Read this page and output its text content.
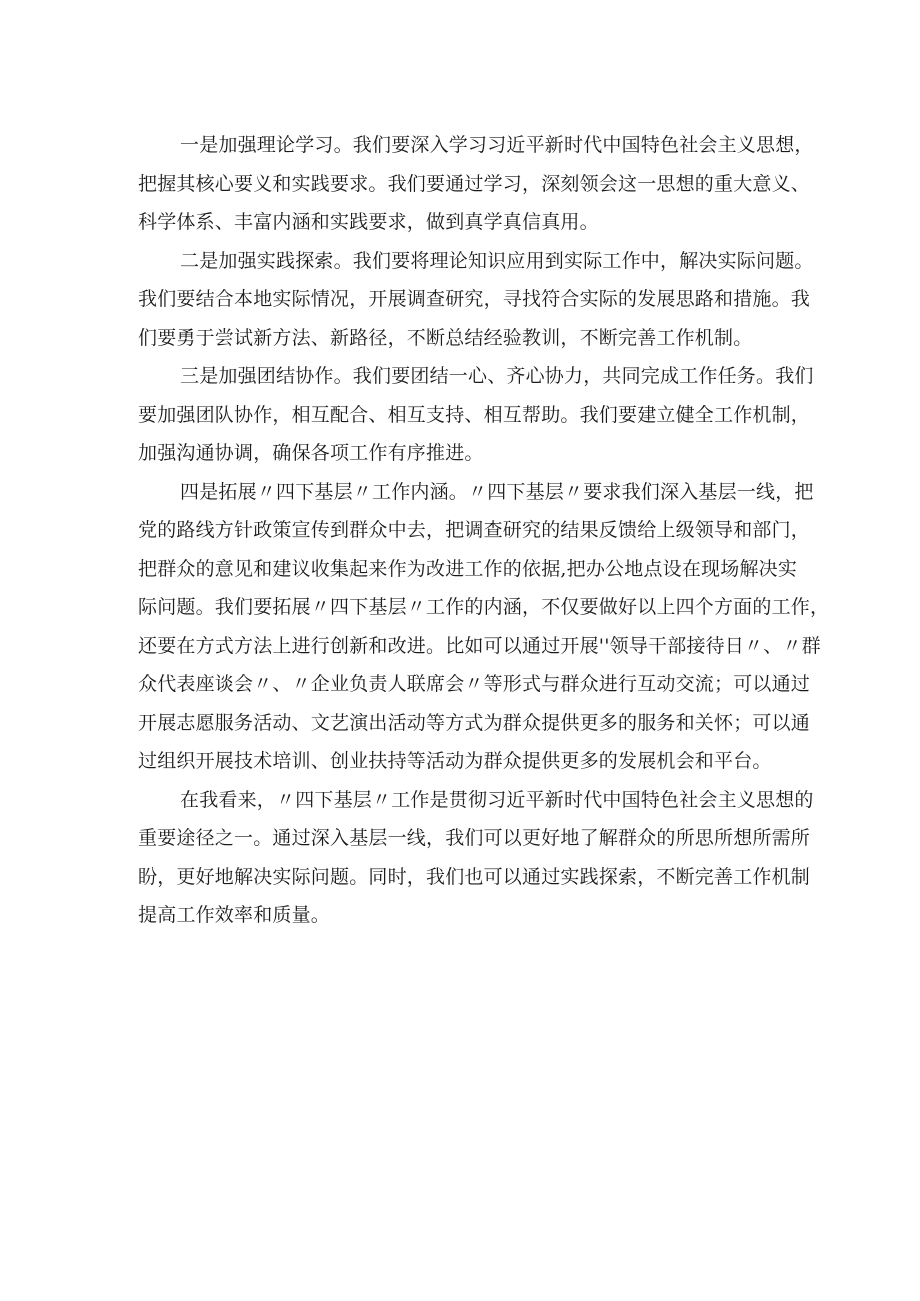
一是加强理论学习。我们要深入学习习近平新时代中国特色社会主义思想，
把握其核心要义和实践要求。我们要通过学习，深刻领会这一思想的重大意义、
科学体系、丰富内涵和实践要求，做到真学真信真用。
二是加强实践探索。我们要将理论知识应用到实际工作中，解决实际问题。
我们要结合本地实际情况，开展调查研究，寻找符合实际的发展思路和措施。我
们要勇于尝试新方法、新路径，不断总结经验教训，不断完善工作机制。
三是加强团结协作。我们要团结一心、齐心协力，共同完成工作任务。我们
要加强团队协作，相互配合、相互支持、相互帮助。我们要建立健全工作机制，
加强沟通协调，确保各项工作有序推进。
四是拓展〃四下基层〃工作内涵。〃四下基层〃要求我们深入基层一线，把
党的路线方针政策宣传到群众中去，把调查研究的结果反馈给上级领导和部门，
把群众的意见和建议收集起来作为改进工作的依据,把办公地点设在现场解决实
际问题。我们要拓展〃四下基层〃工作的内涵，不仅要做好以上四个方面的工作，
还要在方式方法上进行创新和改进。比如可以通过开展''领导干部接待日〃、〃群
众代表座谈会〃、〃企业负责人联席会〃等形式与群众进行互动交流；可以通过
开展志愿服务活动、文艺演出活动等方式为群众提供更多的服务和关怀；可以通
过组织开展技术培训、创业扶持等活动为群众提供更多的发展机会和平台。
在我看来，〃四下基层〃工作是贯彻习近平新时代中国特色社会主义思想的
重要途径之一。通过深入基层一线，我们可以更好地了解群众的所思所想所需所
盼，更好地解决实际问题。同时，我们也可以通过实践探索，不断完善工作机制
提高工作效率和质量。
